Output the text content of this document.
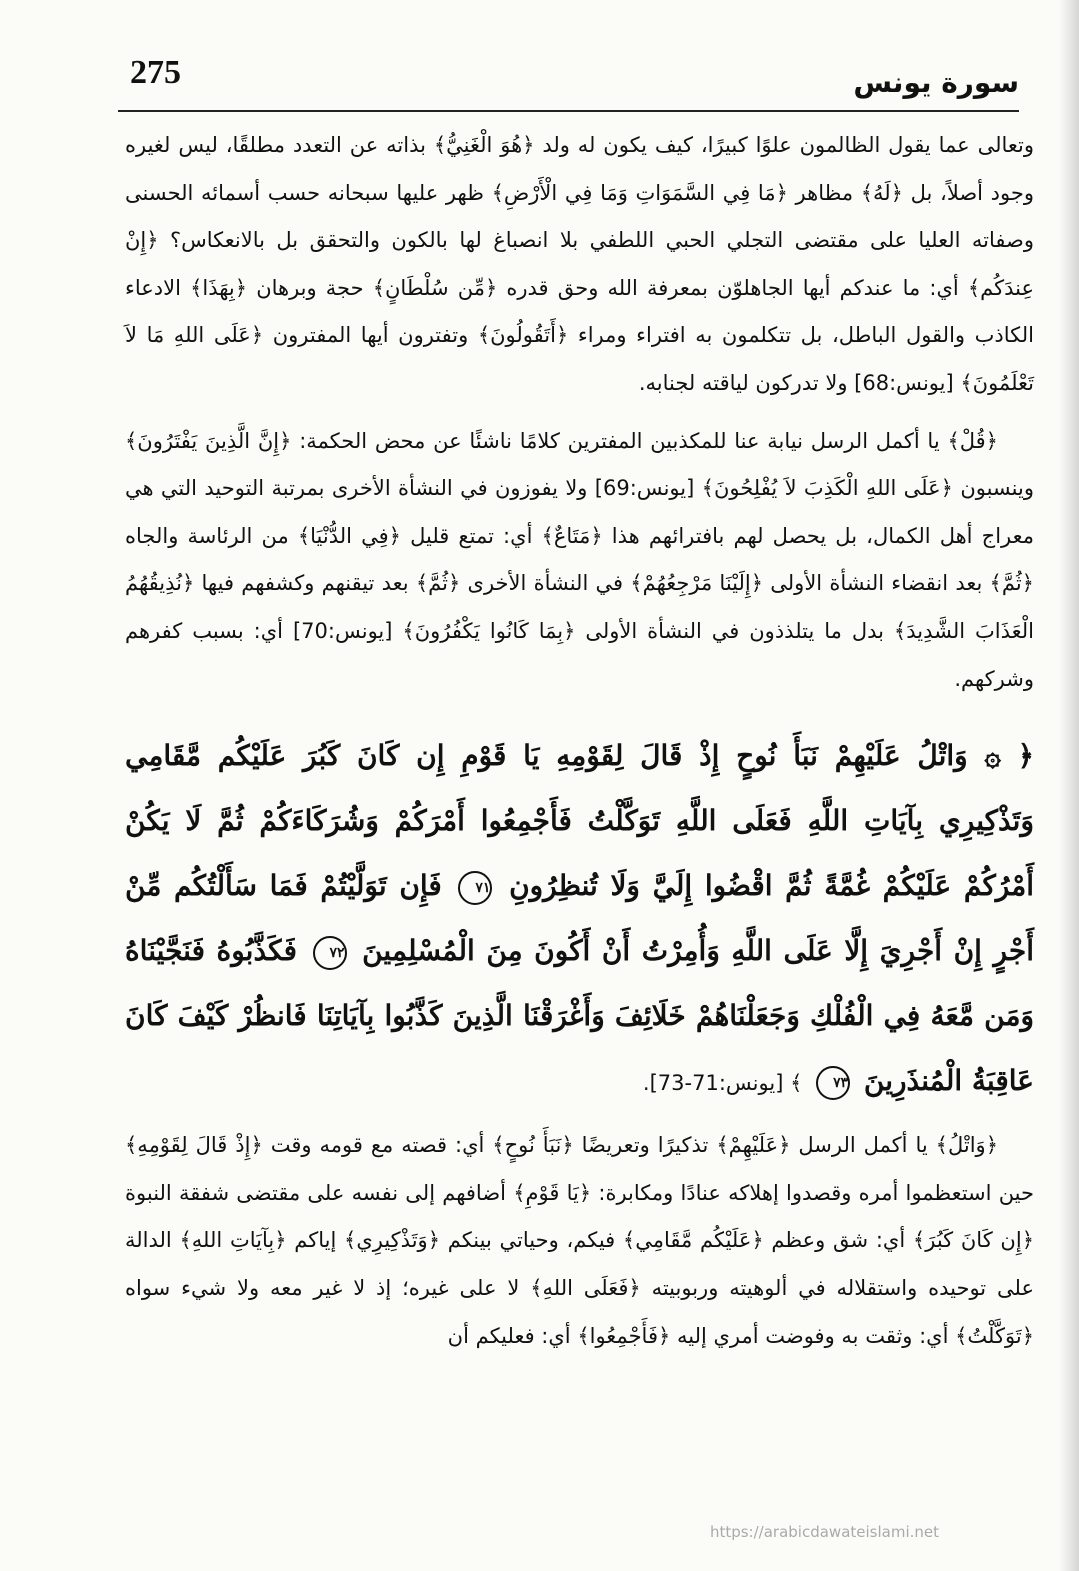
275	سورة يونس

وتعالى عما يقول الظالمون علوًا كبيرًا، كيف يكون له ولد ﴿هُوَ الْغَنِيُّ﴾ بذاته عن التعدد مطلقًا، ليس لغيره وجود أصلاً، بل ﴿لَهُ﴾ مظاهر ﴿مَا فِي السَّمَوَاتِ وَمَا فِي الْأَرْضِ﴾ ظهر عليها سبحانه حسب أسمائه الحسنى وصفاته العليا على مقتضى التجلي الحبي اللطفي بلا انصباغ لها بالكون والتحقق بل بالانعكاس؟ ﴿إِنْ عِندَكُم﴾ أي: ما عندكم أيها الجاهلوّن بمعرفة الله وحق قدره ﴿مِّن سُلْطَانٍ﴾ حجة وبرهان ﴿بِهَذَا﴾ الادعاء الكاذب والقول الباطل، بل تتكلمون به افتراء ومراء ﴿أَتَقُولُونَ﴾ وتفترون أيها المفترون ﴿عَلَى اللهِ مَا لاَ تَعْلَمُونَ﴾ [يونس:68] ولا تدركون لياقته لجنابه.

﴿قُلْ﴾ يا أكمل الرسل نيابة عنا للمكذبين المفترين كلامًا ناشئًا عن محض الحكمة: ﴿إِنَّ الَّذِينَ يَفْتَرُونَ﴾ وينسبون ﴿عَلَى اللهِ الْكَذِبَ لاَ يُفْلِحُونَ﴾ [يونس:69] ولا يفوزون في النشأة الأخرى بمرتبة التوحيد التي هي معراج أهل الكمال، بل يحصل لهم بافترائهم هذا ﴿مَتَاعٌ﴾ أي: تمتع قليل ﴿فِي الدُّنْيَا﴾ من الرئاسة والجاه ﴿ثُمَّ﴾ بعد انقضاء النشأة الأولى ﴿إِلَيْنَا مَرْجِعُهُمْ﴾ في النشأة الأخرى ﴿ثُمَّ﴾ بعد تيقنهم وكشفهم فيها ﴿نُذِيقُهُمُ الْعَذَابَ الشَّدِيدَ﴾ بدل ما يتلذذون في النشأة الأولى ﴿بِمَا كَانُوا يَكْفُرُونَ﴾ [يونس:70] أي: بسبب كفرهم وشركهم.

﴿ ۞ وَاتْلُ عَلَيْهِمْ نَبَأَ نُوحٍ إِذْ قَالَ لِقَوْمِهِ يَا قَوْمِ إِن كَانَ كَبُرَ عَلَيْكُم مَّقَامِي وَتَذْكِيرِي بِآيَاتِ اللَّهِ فَعَلَى اللَّهِ تَوَكَّلْتُ فَأَجْمِعُوا أَمْرَكُمْ وَشُرَكَاءَكُمْ ثُمَّ لَا يَكُنْ أَمْرُكُمْ عَلَيْكُمْ غُمَّةً ثُمَّ اقْضُوا إِلَيَّ وَلَا تُنظِرُونِ ٧١ فَإِن تَوَلَّيْتُمْ فَمَا سَأَلْتُكُم مِّنْ أَجْرٍ إِنْ أَجْرِيَ إِلَّا عَلَى اللَّهِ وَأُمِرْتُ أَنْ أَكُونَ مِنَ الْمُسْلِمِينَ ٧٢ فَكَذَّبُوهُ فَنَجَّيْنَاهُ وَمَن مَّعَهُ فِي الْفُلْكِ وَجَعَلْنَاهُمْ خَلَائِفَ وَأَغْرَقْنَا الَّذِينَ كَذَّبُوا بِآيَاتِنَا فَانظُرْ كَيْفَ كَانَ عَاقِبَةُ الْمُنذَرِينَ ٧٣ ﴾ [يونس:71-73].

﴿وَاتْلُ﴾ يا أكمل الرسل ﴿عَلَيْهِمْ﴾ تذكيرًا وتعريضًا ﴿نَبَأَ نُوحٍ﴾ أي: قصته مع قومه وقت ﴿إِذْ قَالَ لِقَوْمِهِ﴾ حين استعظموا أمره وقصدوا إهلاكه عنادًا ومكابرة: ﴿يَا قَوْمِ﴾ أضافهم إلى نفسه على مقتضى شفقة النبوة ﴿إِن كَانَ كَبُرَ﴾ أي: شق وعظم ﴿عَلَيْكُم مَّقَامِي﴾ فيكم، وحياتي بينكم ﴿وَتَذْكِيرِي﴾ إياكم ﴿بِآيَاتِ اللهِ﴾ الدالة على توحيده واستقلاله في ألوهيته وربوبيته ﴿فَعَلَى اللهِ﴾ لا على غيره؛ إذ لا غير معه ولا شيء سواه ﴿تَوَكَّلْتُ﴾ أي: وثقت به وفوضت أمري إليه ﴿فَأَجْمِعُوا﴾ أي: فعليكم أن

https://arabicdawateislami.net
